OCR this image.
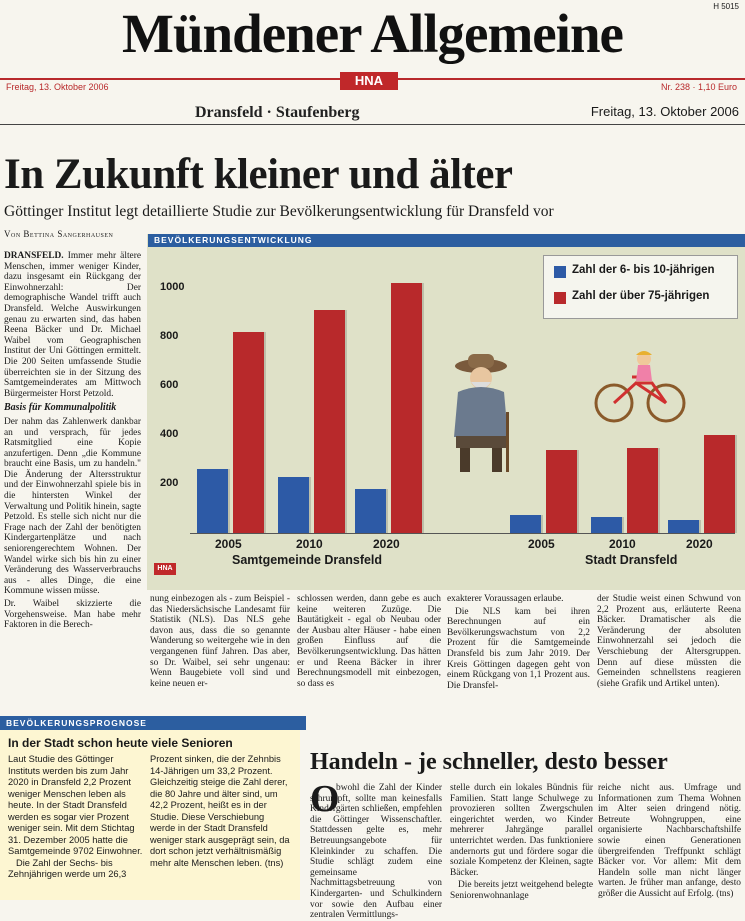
Mündener Allgemeine	H 5015
Freitag, 13. Oktober 2006	Nr. 238 · 1,10 Euro
HNA
Dransfeld · Staufenberg	Freitag, 13. Oktober 2006
In Zukunft kleiner und älter
Göttinger Institut legt detaillierte Studie zur Bevölkerungsentwicklung für Dransfeld vor
Von Bettina Sangerhausen

DRANSFELD. Immer mehr ältere Menschen, immer weniger Kinder, dazu insgesamt ein Rückgang der Einwohnerzahl: Der demographische Wandel trifft auch Dransfeld. Welche Auswirkungen genau zu erwarten sind, das haben Reena Bäcker und Dr. Michael Waibel vom Geographischen Institut der Uni Göttingen ermittelt. Die 200 Seiten umfassende Studie überreichten sie in der Sitzung des Samtgemeinderates am Mittwoch Bürgermeister Horst Petzold.

Basis für Kommunalpolitik

Der nahm das Zahlenwerk dankbar an und versprach, für jedes Ratsmitglied eine Kopie anzufertigen. Denn „die Kommune braucht eine Basis, um zu handeln." Die Änderung der Altersstruktur und der Einwohnerzahl spiele bis in die hintersten Winkel der Verwaltung und Politik hinein, sagte Petzold. Es stelle sich nicht nur die Frage nach der Zahl der benötigten Kindergartenplätze und nach seniorengerechtem Wohnen. Der Wandel wirke sich bis hin zu einer Veränderung des Wasserverbrauchs aus - alles Dinge, die eine Kommune wissen müsse.

Dr. Waibel skizzierte die Vorgehensweise. Man habe mehr Faktoren in die Berech-

BEVÖLKERUNGSENTWICKLUNG
Zahl der 6- bis 10-jährigen
Zahl der über 75-jährigen
200
400
600
800
1000
2005	2010	2020	2005	2010	2020
Samtgemeinde Dransfeld	Stadt Dransfeld
HNA
nung einbezogen als - zum Beispiel - das Niedersächsische Landesamt für Statistik (NLS). Das NLS gehe davon aus, dass die so genannte Wanderung so weitergehe wie in den vergangenen fünf Jahren. Das aber, so Dr. Waibel, sei sehr ungenau: Wenn Baugebiete voll sind und keine neuen er-
schlossen werden, dann gebe es auch keine weiteren Zuzüge. Die Bautätigkeit - egal ob Neubau oder der Ausbau alter Häuser - habe einen großen Einfluss auf die Bevölkerungsentwicklung. Das hätten er und Reena Bäcker in ihrer Berechnungsmodell mit einbezogen, so dass es

exakterer Voraussagen erlaube.

Die NLS kam bei ihren Berechnungen auf ein Bevölkerungswachstum von 2,2 Prozent für die Samtgemeinde Dransfeld bis zum Jahr 2019. Der Kreis Göttingen dagegen geht von einem Rückgang von 1,1 Prozent aus. Die Dransfel-

der Studie weist einen Schwund von 2,2 Prozent aus, erläuterte Reena Bäcker. Dramatischer als die Veränderung der absoluten Einwohnerzahl sei jedoch die Verschiebung der Altersgruppen. Denn auf diese müssten die Gemeinden schnellstens reagieren (siehe Grafik und Artikel unten).
BEVÖLKERUNGSPROGNOSE
In der Stadt schon heute viele Senioren
Laut Studie des Göttinger Instituts werden bis zum Jahr 2020 in Dransfeld 2,2 Prozent weniger Menschen leben als heute. In der Stadt Dransfeld werden es sogar vier Prozent weniger sein. Mit dem Stichtag 31. Dezember 2005 hatte die Samtgemeinde 9702 Einwohner.
Die Zahl der Sechs- bis Zehnjährigen werde um 26,3
Prozent sinken, die der Zehnbis 14-Jährigen um 33,2 Prozent. Gleichzeitig steige die Zahl derer, die 80 Jahre und älter sind, um 42,2 Prozent, heißt es in der Studie. Diese Verschiebung werde in der Stadt Dransfeld weniger stark ausgeprägt sein, da dort schon jetzt verhältnismäßig mehr alte Menschen leben. (tns)
Handeln - je schneller, desto besser
O
bwohl die Zahl der Kinder schrumpft, sollte man keinesfalls Kindergärten schließen, empfehlen die Göttinger Wissenschaftler. Stattdessen gelte es, mehr Betreuungsangebote für Kleinkinder zu schaffen. Die Studie schlägt zudem eine gemeinsame Nachmittagsbetreuung von Kindergarten- und Schulkindern vor sowie den Aufbau einer zentralen Vermittlungs-

stelle durch ein lokales Bündnis für Familien. Statt lange Schulwege zu provozieren sollten Zwergschulen eingerichtet werden, wo Kinder mehrerer Jahrgänge parallel unterrichtet werden. Das funktioniere andernorts gut und fördere sogar die soziale Kompetenz der Kleinen, sagte Bäcker.

Die bereits jetzt weitgehend belegte Seniorenwohnanlage

reiche nicht aus. Umfrage und Informationen zum Thema Wohnen im Alter seien dringend nötig. Betreute Wohngruppen, eine organisierte Nachbarschaftshilfe sowie einen Generationen übergreifenden Treffpunkt schlägt Bäcker vor. Vor allem: Mit dem Handeln solle man nicht länger warten. Je früher man anfange, desto größer die Aussicht auf Erfolg. (tns)
